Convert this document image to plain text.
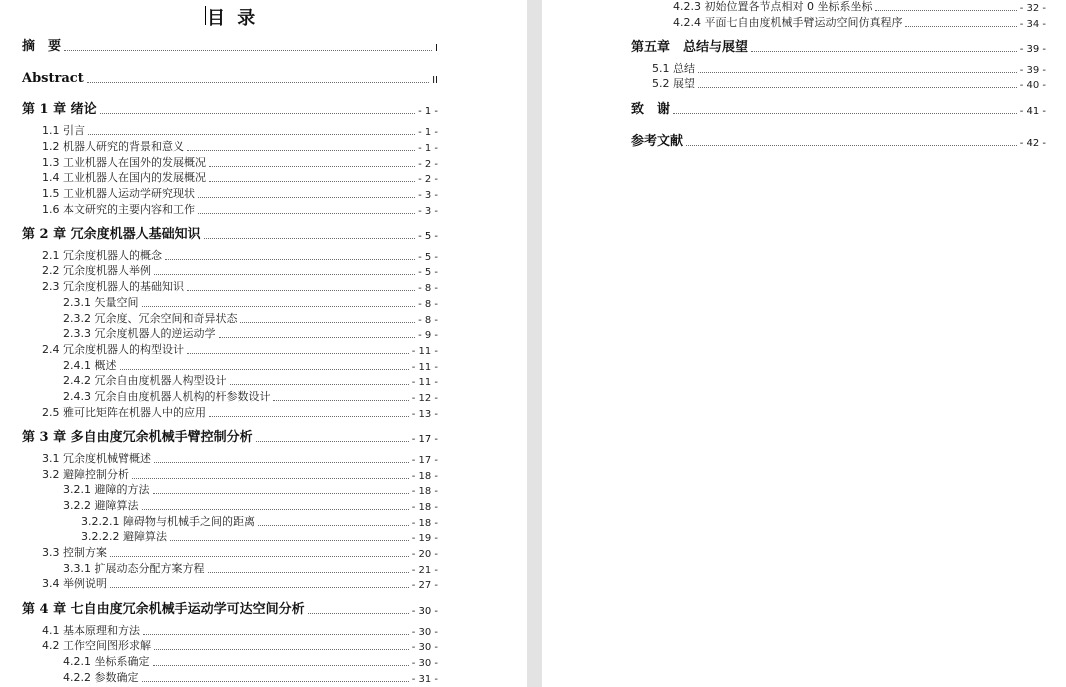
目 录
摘　要	I
Abstract	II
第 1 章 绪论	- 1 -
1.1 引言	- 1 -
1.2 机器人研究的背景和意义	- 1 -
1.3 工业机器人在国外的发展概况	- 2 -
1.4 工业机器人在国内的发展概况	- 2 -
1.5 工业机器人运动学研究现状	- 3 -
1.6 本文研究的主要内容和工作	- 3 -
第 2 章 冗余度机器人基础知识	- 5 -
2.1 冗余度机器人的概念	- 5 -
2.2 冗余度机器人举例	- 5 -
2.3 冗余度机器人的基础知识	- 8 -
2.3.1 矢量空间	- 8 -
2.3.2 冗余度、冗余空间和奇异状态	- 8 -
2.3.3 冗余度机器人的逆运动学	- 9 -
2.4 冗余度机器人的构型设计	- 11 -
2.4.1 概述	- 11 -
2.4.2 冗余自由度机器人构型设计	- 11 -
2.4.3 冗余自由度机器人机构的杆参数设计	- 12 -
2.5 雅可比矩阵在机器人中的应用	- 13 -
第 3 章 多自由度冗余机械手臂控制分析	- 17 -
3.1 冗余度机械臂概述	- 17 -
3.2 避障控制分析	- 18 -
3.2.1 避障的方法	- 18 -
3.2.2 避障算法	- 18 -
3.2.2.1 障碍物与机械手之间的距离	- 18 -
3.2.2.2 避障算法	- 19 -
3.3 控制方案	- 20 -
3.3.1 扩展动态分配方案方程	- 21 -
3.4 举例说明	- 27 -
第 4 章 七自由度冗余机械手运动学可达空间分析	- 30 -
4.1 基本原理和方法	- 30 -
4.2 工作空间图形求解	- 30 -
4.2.1 坐标系确定	- 30 -
4.2.2 参数确定	- 31 -
4.2.3 初始位置各节点相对 0 坐标系坐标	- 32 -
4.2.4 平面七自由度机械手臂运动空间仿真程序	- 34 -
第五章　总结与展望	- 39 -
5.1 总结	- 39 -
5.2 展望	- 40 -
致　谢	- 41 -
参考文献	- 42 -
